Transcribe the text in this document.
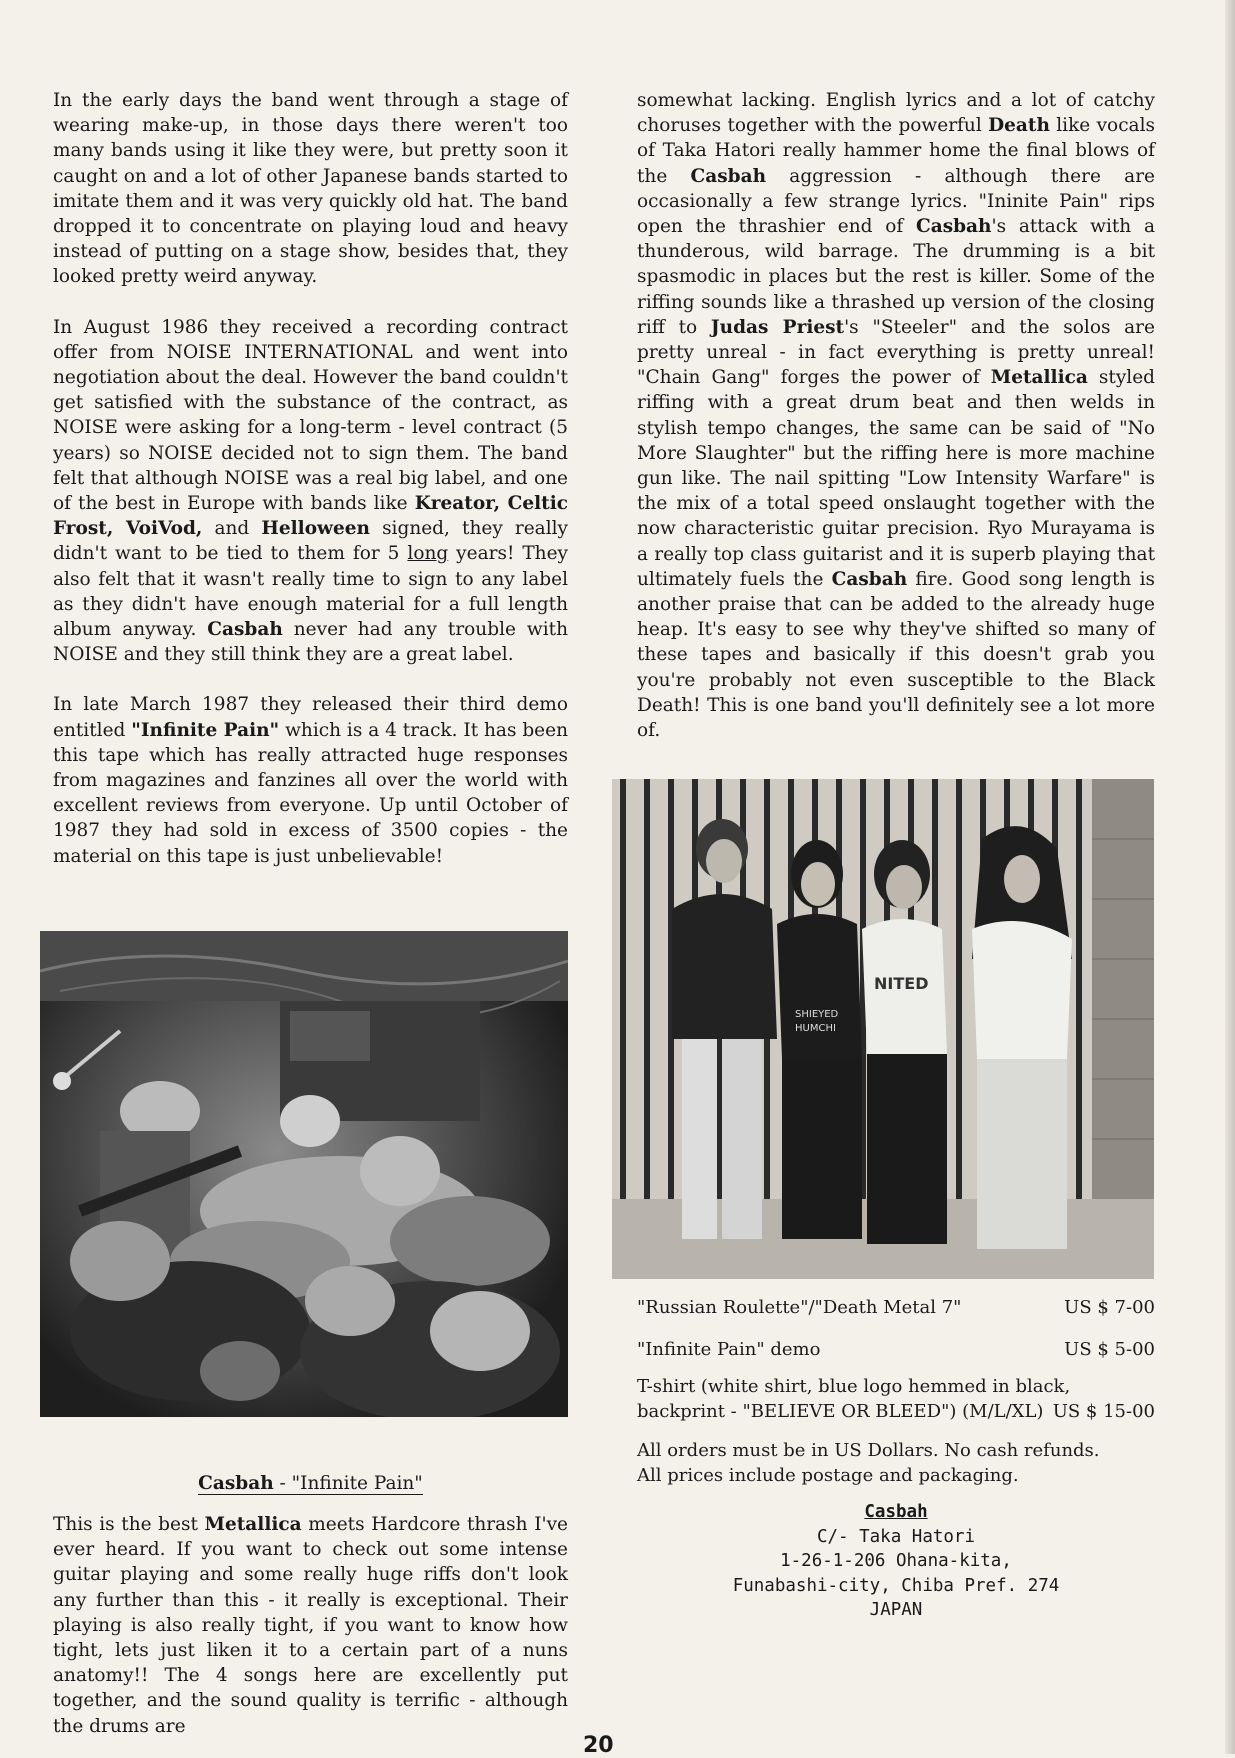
In the early days the band went through a stage of wearing make-up, in those days there weren't too many bands using it like they were, but pretty soon it caught on and a lot of other Japanese bands started to imitate them and it was very quickly old hat. The band dropped it to concentrate on playing loud and heavy instead of putting on a stage show, besides that, they looked pretty weird anyway.

In August 1986 they received a recording contract offer from NOISE INTERNATIONAL and went into negotiation about the deal. However the band couldn't get satisfied with the substance of the contract, as NOISE were asking for a long-term - level contract (5 years) so NOISE decided not to sign them. The band felt that although NOISE was a real big label, and one of the best in Europe with bands like Kreator, Celtic Frost, VoiVod, and Helloween signed, they really didn't want to be tied to them for 5 long years! They also felt that it wasn't really time to sign to any label as they didn't have enough material for a full length album anyway. Casbah never had any trouble with NOISE and they still think they are a great label.

In late March 1987 they released their third demo entitled "Infinite Pain" which is a 4 track. It has been this tape which has really attracted huge responses from magazines and fanzines all over the world with excellent reviews from everyone. Up until October of 1987 they had sold in excess of 3500 copies - the material on this tape is just unbelievable!

Casbah - "Infinite Pain"
This is the best Metallica meets Hardcore thrash I've ever heard. If you want to check out some intense guitar playing and some really huge riffs don't look any further than this - it really is exceptional. Their playing is also really tight, if you want to know how tight, lets just liken it to a certain part of a nuns anatomy!! The 4 songs here are excellently put together, and the sound quality is terrific - although the drums are
20

somewhat lacking. English lyrics and a lot of catchy choruses together with the powerful Death like vocals of Taka Hatori really hammer home the final blows of the Casbah aggression - although there are occasionally a few strange lyrics. "Ininite Pain" rips open the thrashier end of Casbah's attack with a thunderous, wild barrage. The drumming is a bit spasmodic in places but the rest is killer. Some of the riffing sounds like a thrashed up version of the closing riff to Judas Priest's "Steeler" and the solos are pretty unreal - in fact everything is pretty unreal! "Chain Gang" forges the power of Metallica styled riffing with a great drum beat and then welds in stylish tempo changes, the same can be said of "No More Slaughter" but the riffing here is more machine gun like. The nail spitting "Low Intensity Warfare" is the mix of a total speed onslaught together with the now characteristic guitar precision. Ryo Murayama is a really top class guitarist and it is superb playing that ultimately fuels the Casbah fire. Good song length is another praise that can be added to the already huge heap. It's easy to see why they've shifted so many of these tapes and basically if this doesn't grab you you're probably not even susceptible to the Black Death! This is one band you'll definitely see a lot more of.

SHIEYED
HUMCHI
NITED
"Russian Roulette"/"Death Metal 7"	US $ 7-00
"Infinite Pain" demo	US $ 5-00
T-shirt (white shirt, blue logo hemmed in black,
backprint - "BELIEVE OR BLEED") (M/L/XL) US $ 15-00
All orders must be in US Dollars. No cash refunds.
All prices include postage and packaging.
Casbah
C/- Taka Hatori
1-26-1-206 Ohana-kita,
Funabashi-city, Chiba Pref. 274
JAPAN
